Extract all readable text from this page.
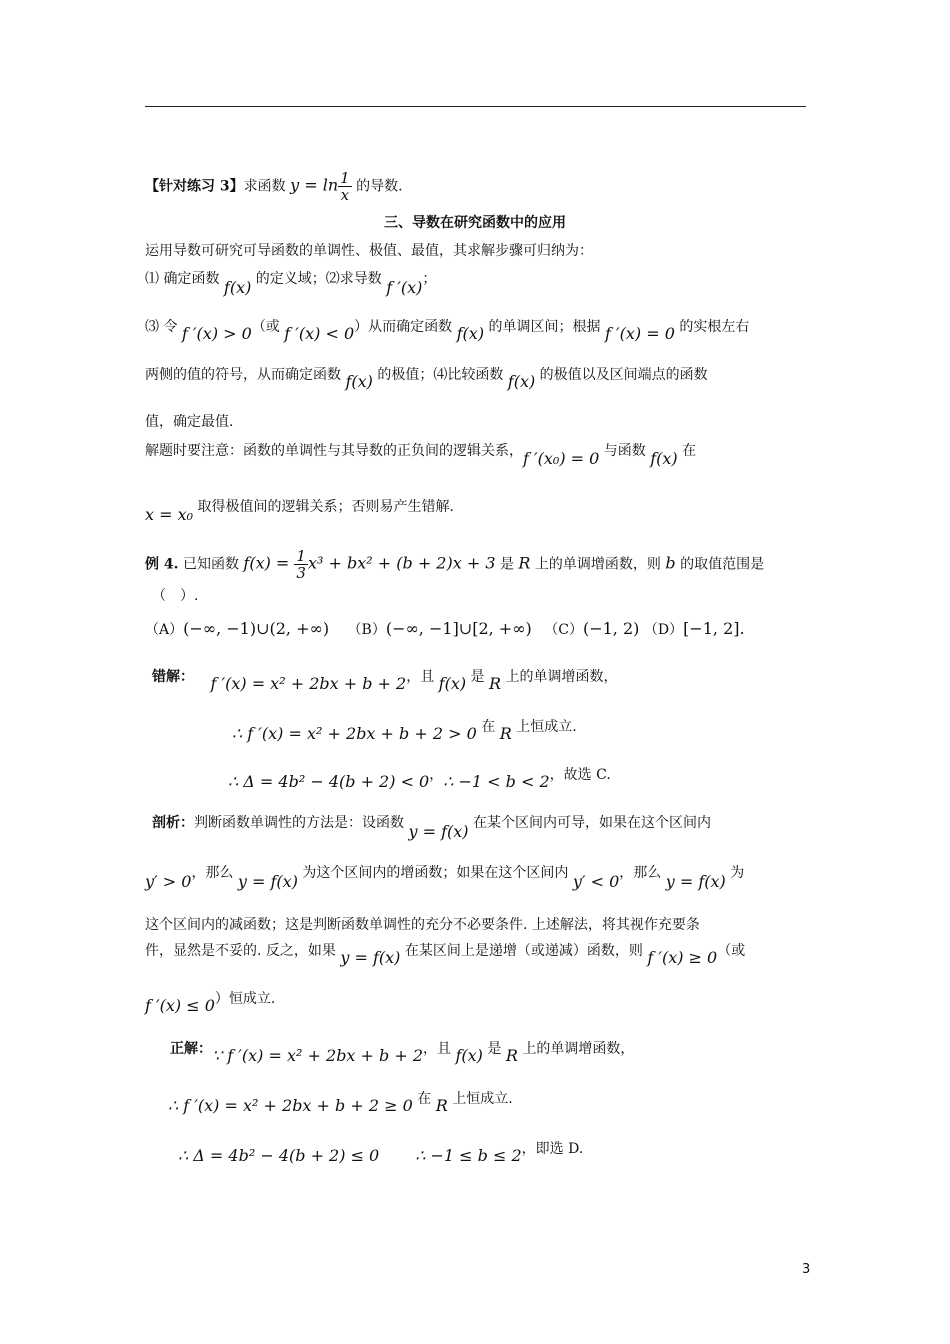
【针对练习 3】求函数 $y = \ln \frac{1}{x}$ 的导数.
三、导数在研究函数中的应用
运用导数可研究可导函数的单调性、极值、最值，其求解步骤可归纳为：
⑴ 确定函数 f(x) 的定义域；⑵求导数 f ′(x)；
⑶ 令 f ′(x) > 0（或 f ′(x) < 0）从而确定函数 f(x) 的单调区间；根据 f ′(x) = 0 的实根左右
两侧的值的符号，从而确定函数 f(x) 的极值；⑷比较函数 f(x) 的极值以及区间端点的函数
值，确定最值.
解题时要注意：函数的单调性与其导数的正负间的逻辑关系，f ′(x₀) = 0 与函数 f(x) 在
x = x₀ 取得极值间的逻辑关系；否则易产生错解.
例 4. 已知函数 $f(x) = \frac{1}{3} x^3 + bx^2 + (b + 2)x + 3$ 是 R 上的单调增函数，则 b 的取值范围是
（　）.
（A）(−∞, −1)∪(2, +∞) （B）(−∞, −1]∪[2, +∞) （C）(−1, 2) （D）[−1, 2].
错解： f ′(x) = x² + 2bx + b + 2，且 f(x) 是 R 上的单调增函数，
∴ f ′(x) = x² + 2bx + b + 2 > 0 在 R 上恒成立.
∴ Δ = 4b² − 4(b + 2) < 0，∴ −1 < b < 2，故选 C.
剖析：判断函数单调性的方法是：设函数 y = f(x) 在某个区间内可导，如果在这个区间内
y′ > 0，那么 y = f(x) 为这个区间内的增函数；如果在这个区间内 y′ < 0，那么 y = f(x) 为
这个区间内的减函数；这是判断函数单调性的充分不必要条件. 上述解法，将其视作充要条
件，显然是不妥的. 反之，如果 y = f(x) 在某区间上是递增（或递减）函数，则 f ′(x) ≥ 0（或
f ′(x) ≤ 0）恒成立.
正解：∵ f ′(x) = x² + 2bx + b + 2，且 f(x) 是 R 上的单调增函数，
∴ f ′(x) = x² + 2bx + b + 2 ≥ 0 在 R 上恒成立.
∴ Δ = 4b² − 4(b + 2) ≤ 0 ∴ −1 ≤ b ≤ 2，即选 D.
3
